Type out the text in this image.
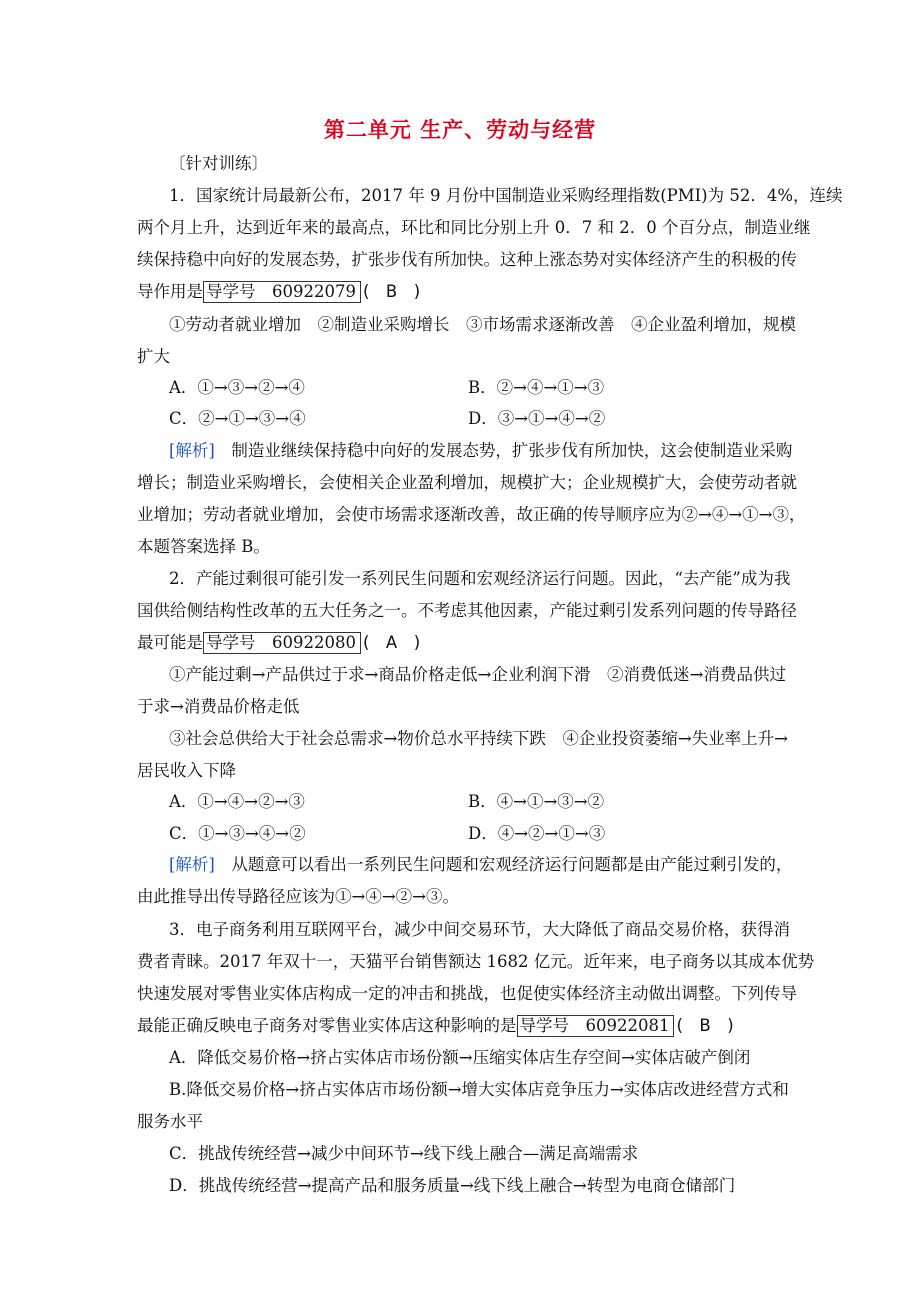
第二单元 生产、劳动与经营
〔针对训练〕
1．国家统计局最新公布，2017 年 9 月份中国制造业采购经理指数(PMI)为 52．4%，连续
两个月上升，达到近年来的最高点，环比和同比分别上升 0．7 和 2．0 个百分点，制造业继
续保持稳中向好的发展态势，扩张步伐有所加快。这种上涨态势对实体经济产生的积极的传
导作用是 导学号　60922079 (　B　)
①劳动者就业增加　②制造业采购增长　③市场需求逐渐改善　④企业盈利增加，规模
扩大
A．①→③→②→④	B．②→④→①→③
C．②→①→③→④	D．③→①→④→②
[解析]　制造业继续保持稳中向好的发展态势，扩张步伐有所加快，这会使制造业采购
增长；制造业采购增长，会使相关企业盈利增加，规模扩大；企业规模扩大，会使劳动者就
业增加；劳动者就业增加，会使市场需求逐渐改善，故正确的传导顺序应为②→④→①→③，
本题答案选择 B。
2．产能过剩很可能引发一系列民生问题和宏观经济运行问题。因此，“去产能”成为我
国供给侧结构性改革的五大任务之一。不考虑其他因素，产能过剩引发系列问题的传导路径
最可能是 导学号　60922080 (　A　)
①产能过剩→产品供过于求→商品价格走低→企业利润下滑　②消费低迷→消费品供过
于求→消费品价格走低
③社会总供给大于社会总需求→物价总水平持续下跌　④企业投资萎缩→失业率上升→
居民收入下降
A．①→④→②→③	B．④→①→③→②
C．①→③→④→②	D．④→②→①→③
[解析]　从题意可以看出一系列民生问题和宏观经济运行问题都是由产能过剩引发的，
由此推导出传导路径应该为①→④→②→③。
3．电子商务利用互联网平台，减少中间交易环节，大大降低了商品交易价格，获得消
费者青睐。2017 年双十一，天猫平台销售额达 1682 亿元。近年来，电子商务以其成本优势
快速发展对零售业实体店构成一定的冲击和挑战，也促使实体经济主动做出调整。下列传导
最能正确反映电子商务对零售业实体店这种影响的是 导学号　60922081 (　B　)
A．降低交易价格→挤占实体店市场份额→压缩实体店生存空间→实体店破产倒闭
B.降低交易价格→挤占实体店市场份额→增大实体店竞争压力→实体店改进经营方式和
服务水平
C．挑战传统经营→减少中间环节→线下线上融合—满足高端需求
D．挑战传统经营→提高产品和服务质量→线下线上融合→转型为电商仓储部门
